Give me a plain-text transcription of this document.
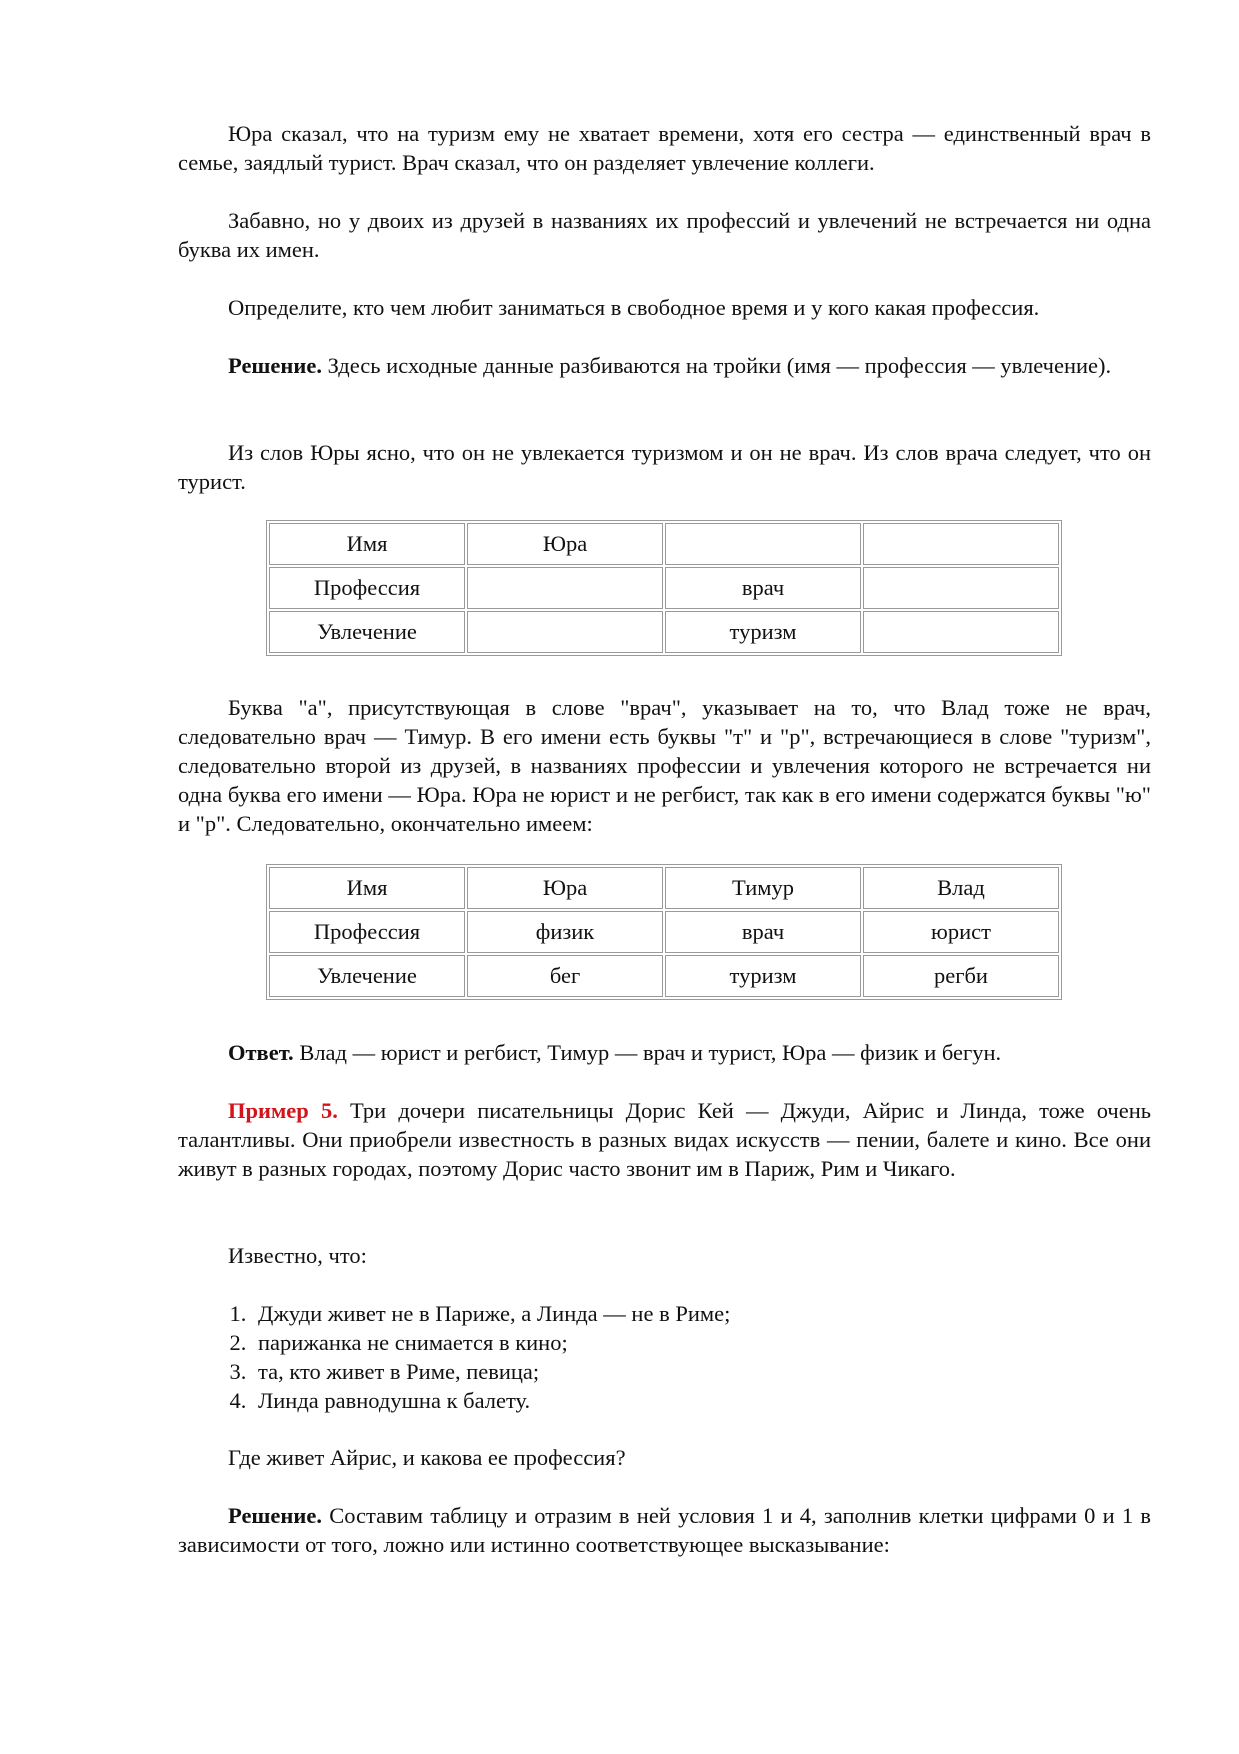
Юра сказал, что на туризм ему не хватает времени, хотя его сестра — единственный врач в семье, заядлый турист. Врач сказал, что он разделяет увлечение коллеги.

Забавно, но у двоих из друзей в названиях их профессий и увлечений не встречается ни одна буква их имен.

Определите, кто чем любит заниматься в свободное время и у кого какая профессия.

Решение. Здесь исходные данные разбиваются на тройки (имя — профессия — увлечение).

Из слов Юры ясно, что он не увлекается туризмом и он не врач. Из слов врача следует, что он турист.

Имя	Юра		
Профессия		врач	
Увлечение		туризм	

Буква "а", присутствующая в слове "врач", указывает на то, что Влад тоже не врач, следовательно врач — Тимур. В его имени есть буквы "т" и "р", встречающиеся в слове "туризм", следовательно второй из друзей, в названиях профессии и увлечения которого не встречается ни одна буква его имени — Юра. Юра не юрист и не регбист, так как в его имени содержатся буквы "ю" и "р". Следовательно, окончательно имеем:

Имя	Юра	Тимур	Влад
Профессия	физик	врач	юрист
Увлечение	бег	туризм	регби

Ответ. Влад — юрист и регбист, Тимур — врач и турист, Юра — физик и бегун.

Пример 5. Три дочери писательницы Дорис Кей — Джуди, Айрис и Линда, тоже очень талантливы. Они приобрели известность в разных видах искусств — пении, балете и кино. Все они живут в разных городах, поэтому Дорис часто звонит им в Париж, Рим и Чикаго.

Известно, что:

1. Джуди живет не в Париже, а Линда — не в Риме;
2. парижанка не снимается в кино;
3. та, кто живет в Риме, певица;
4. Линда равнодушна к балету.

Где живет Айрис, и какова ее профессия?

Решение. Составим таблицу и отразим в ней условия 1 и 4, заполнив клетки цифрами 0 и 1 в зависимости от того, ложно или истинно соответствующее высказывание:
